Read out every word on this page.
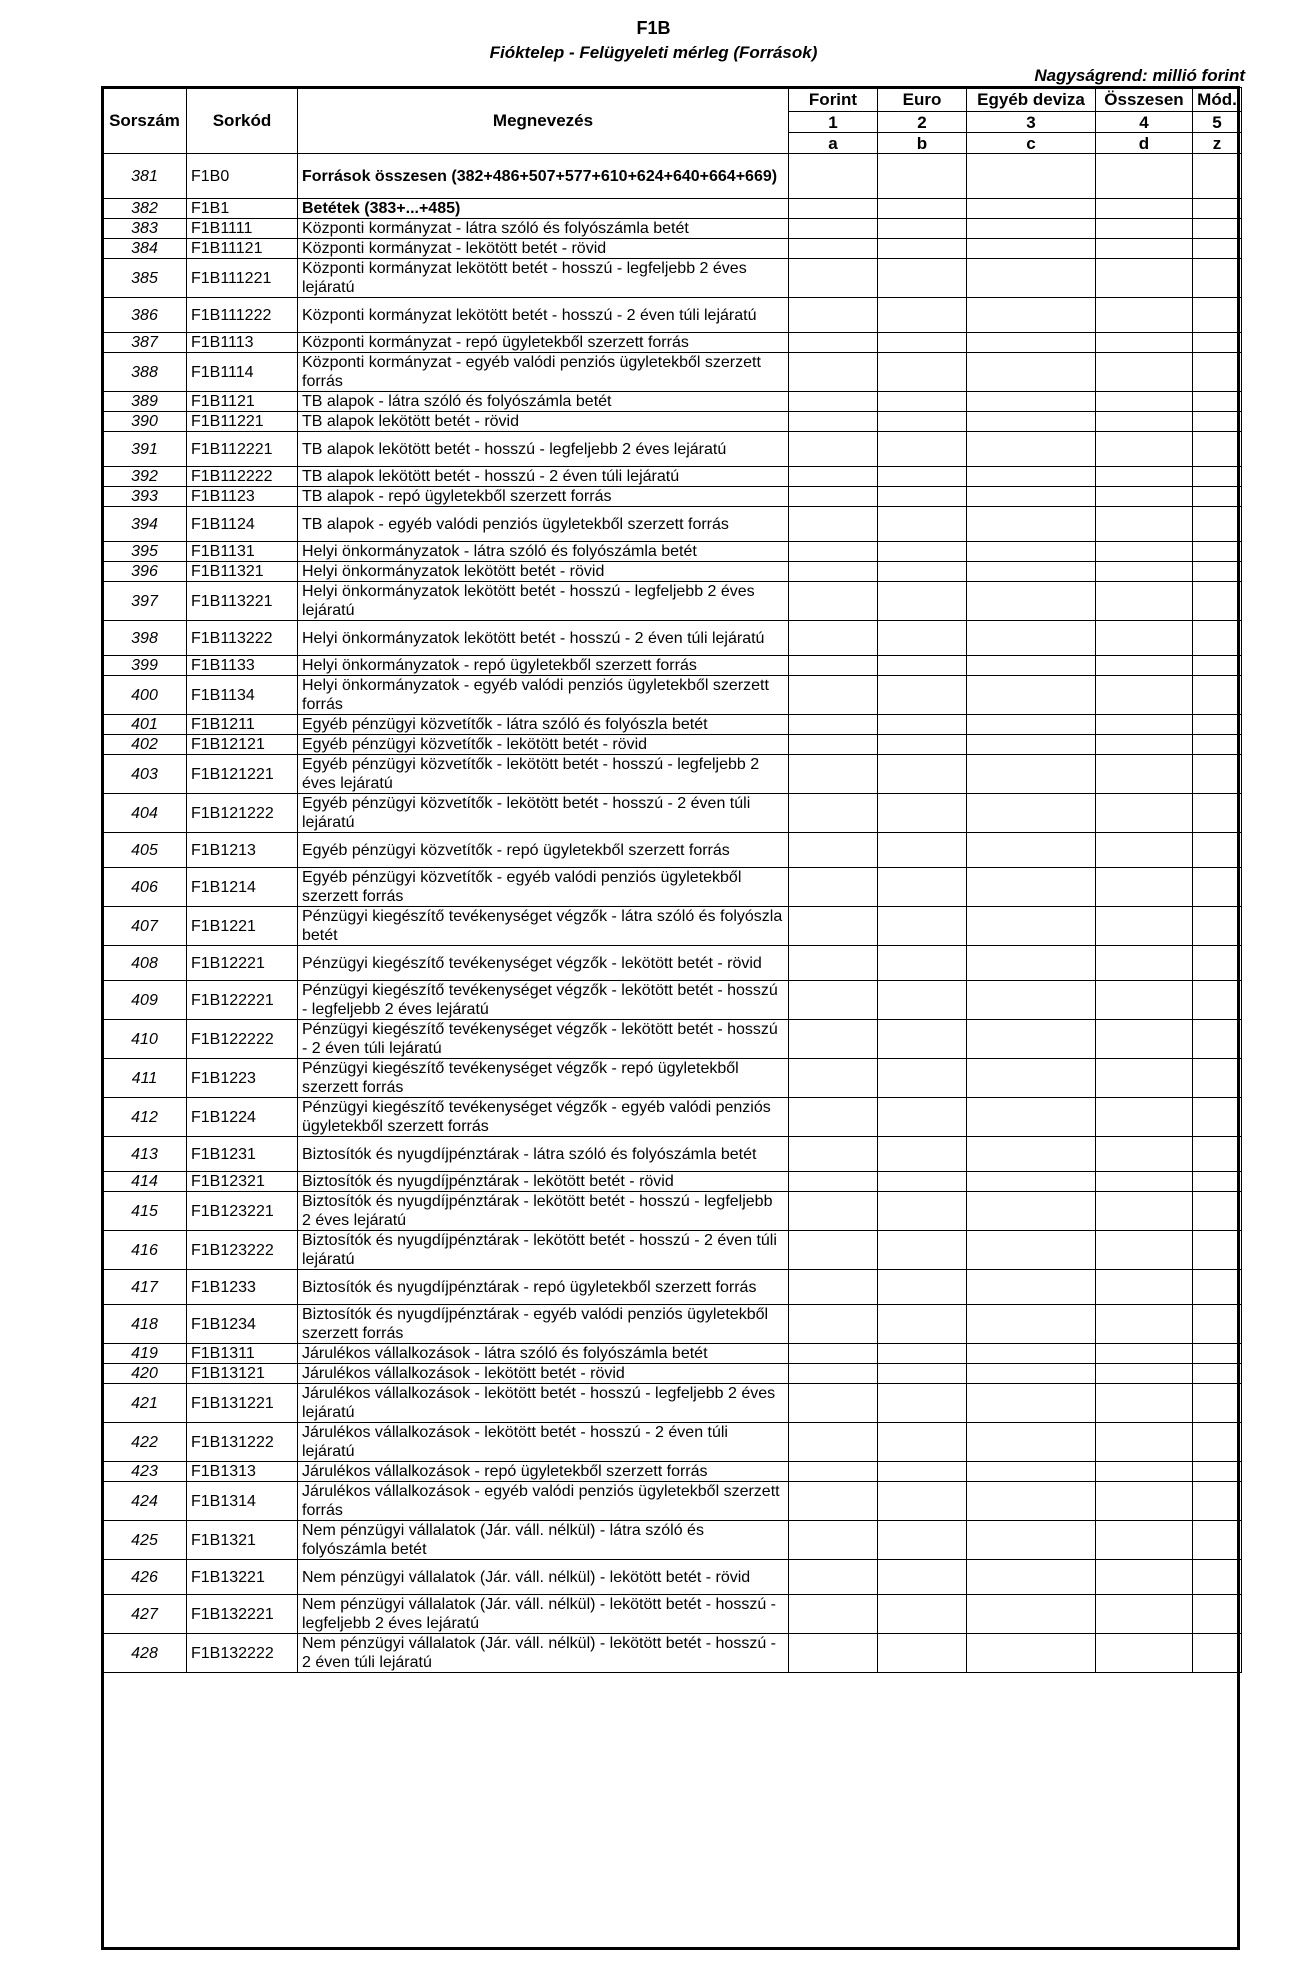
F1B
Fióktelep - Felügyeleti mérleg (Források)
Nagyságrend: millió forint
Sorszám	Sorkód	Megnevezés	Forint	Euro	Egyéb deviza	Összesen	Mód.
			1	2	3	4	5
			a	b	c	d	z
381	F1B0	Források összesen (382+486+507+577+610+624+640+664+669)					
382	F1B1	Betétek (383+...+485)					
383	F1B1111	Központi kormányzat - látra szóló és folyószámla betét					
384	F1B11121	Központi kormányzat - lekötött betét - rövid					
385	F1B111221	Központi kormányzat lekötött betét - hosszú - legfeljebb 2 éves lejáratú					
386	F1B111222	Központi kormányzat lekötött betét - hosszú - 2 éven túli lejáratú					
387	F1B1113	Központi kormányzat - repó ügyletekből szerzett forrás					
388	F1B1114	Központi kormányzat - egyéb valódi penziós ügyletekből szerzett forrás					
389	F1B1121	TB alapok - látra szóló és folyószámla betét					
390	F1B11221	TB alapok lekötött betét - rövid					
391	F1B112221	TB alapok lekötött betét - hosszú - legfeljebb 2 éves lejáratú					
392	F1B112222	TB alapok lekötött betét - hosszú - 2 éven túli lejáratú					
393	F1B1123	TB alapok - repó ügyletekből szerzett forrás					
394	F1B1124	TB alapok - egyéb valódi penziós ügyletekből szerzett forrás					
395	F1B1131	Helyi önkormányzatok - látra szóló és folyószámla betét					
396	F1B11321	Helyi önkormányzatok lekötött betét - rövid					
397	F1B113221	Helyi önkormányzatok lekötött betét - hosszú - legfeljebb 2 éves lejáratú					
398	F1B113222	Helyi önkormányzatok lekötött betét - hosszú - 2 éven túli lejáratú					
399	F1B1133	Helyi önkormányzatok - repó ügyletekből szerzett forrás					
400	F1B1134	Helyi önkormányzatok - egyéb valódi penziós ügyletekből szerzett forrás					
401	F1B1211	Egyéb pénzügyi közvetítők - látra szóló és folyószla betét					
402	F1B12121	Egyéb pénzügyi közvetítők - lekötött betét - rövid					
403	F1B121221	Egyéb pénzügyi közvetítők - lekötött betét - hosszú - legfeljebb 2 éves lejáratú					
404	F1B121222	Egyéb pénzügyi közvetítők - lekötött betét - hosszú - 2 éven túli lejáratú					
405	F1B1213	Egyéb pénzügyi közvetítők - repó ügyletekből szerzett forrás					
406	F1B1214	Egyéb pénzügyi közvetítők - egyéb valódi penziós ügyletekből szerzett forrás					
407	F1B1221	Pénzügyi kiegészítő tevékenységet végzők - látra szóló és folyószla betét					
408	F1B12221	Pénzügyi kiegészítő tevékenységet végzők - lekötött betét - rövid					
409	F1B122221	Pénzügyi kiegészítő tevékenységet végzők - lekötött betét - hosszú - legfeljebb 2 éves lejáratú					
410	F1B122222	Pénzügyi kiegészítő tevékenységet végzők - lekötött betét - hosszú - 2 éven túli lejáratú					
411	F1B1223	Pénzügyi kiegészítő tevékenységet végzők - repó ügyletekből szerzett forrás					
412	F1B1224	Pénzügyi kiegészítő tevékenységet végzők - egyéb valódi penziós ügyletekből szerzett forrás					
413	F1B1231	Biztosítók és nyugdíjpénztárak - látra szóló és folyószámla betét					
414	F1B12321	Biztosítók és nyugdíjpénztárak - lekötött betét - rövid					
415	F1B123221	Biztosítók és nyugdíjpénztárak - lekötött betét - hosszú - legfeljebb 2 éves lejáratú					
416	F1B123222	Biztosítók és nyugdíjpénztárak - lekötött betét - hosszú - 2 éven túli lejáratú					
417	F1B1233	Biztosítók és nyugdíjpénztárak - repó ügyletekből szerzett forrás					
418	F1B1234	Biztosítók és nyugdíjpénztárak - egyéb valódi penziós ügyletekből szerzett forrás					
419	F1B1311	Járulékos vállalkozások - látra szóló és folyószámla betét					
420	F1B13121	Járulékos vállalkozások - lekötött betét - rövid					
421	F1B131221	Járulékos vállalkozások - lekötött betét - hosszú - legfeljebb 2 éves lejáratú					
422	F1B131222	Járulékos vállalkozások - lekötött betét - hosszú - 2 éven túli lejáratú					
423	F1B1313	Járulékos vállalkozások - repó ügyletekből szerzett forrás					
424	F1B1314	Járulékos vállalkozások - egyéb valódi penziós ügyletekből szerzett forrás					
425	F1B1321	Nem pénzügyi vállalatok (Jár. váll. nélkül) - látra szóló és folyószámla betét					
426	F1B13221	Nem pénzügyi vállalatok (Jár. váll. nélkül) - lekötött betét - rövid					
427	F1B132221	Nem pénzügyi vállalatok (Jár. váll. nélkül) - lekötött betét - hosszú - legfeljebb 2 éves lejáratú					
428	F1B132222	Nem pénzügyi vállalatok (Jár. váll. nélkül) - lekötött betét - hosszú - 2 éven túli lejáratú					
